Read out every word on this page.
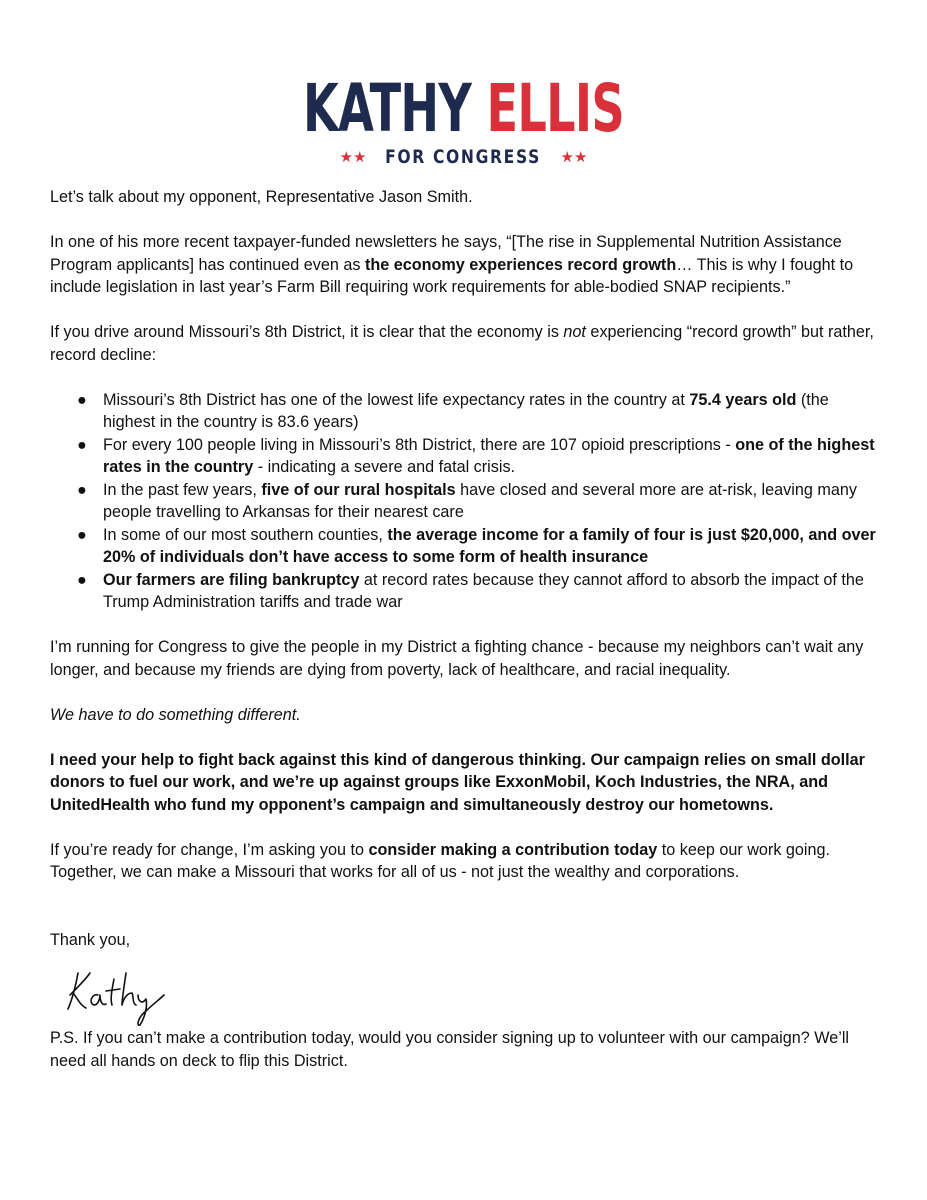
KATHY ELLIS
★★ FOR CONGRESS ★★

Let’s talk about my opponent, Representative Jason Smith.

In one of his more recent taxpayer-funded newsletters he says, “[The rise in Supplemental Nutrition Assistance Program applicants] has continued even as the economy experiences record growth… This is why I fought to include legislation in last year’s Farm Bill requiring work requirements for able-bodied SNAP recipients.”

If you drive around Missouri’s 8th District, it is clear that the economy is not experiencing “record growth” but rather, record decline:

● Missouri’s 8th District has one of the lowest life expectancy rates in the country at 75.4 years old (the highest in the country is 83.6 years)
● For every 100 people living in Missouri’s 8th District, there are 107 opioid prescriptions - one of the highest rates in the country - indicating a severe and fatal crisis.
● In the past few years, five of our rural hospitals have closed and several more are at-risk, leaving many people travelling to Arkansas for their nearest care
● In some of our most southern counties, the average income for a family of four is just $20,000, and over 20% of individuals don’t have access to some form of health insurance
● Our farmers are filing bankruptcy at record rates because they cannot afford to absorb the impact of the Trump Administration tariffs and trade war

I’m running for Congress to give the people in my District a fighting chance - because my neighbors can’t wait any longer, and because my friends are dying from poverty, lack of healthcare, and racial inequality.

We have to do something different.

I need your help to fight back against this kind of dangerous thinking. Our campaign relies on small dollar donors to fuel our work, and we’re up against groups like ExxonMobil, Koch Industries, the NRA, and UnitedHealth who fund my opponent’s campaign and simultaneously destroy our hometowns.

If you’re ready for change, I’m asking you to consider making a contribution today to keep our work going. Together, we can make a Missouri that works for all of us - not just the wealthy and corporations.

Thank you,

P.S. If you can’t make a contribution today, would you consider signing up to volunteer with our campaign? We’ll need all hands on deck to flip this District.
